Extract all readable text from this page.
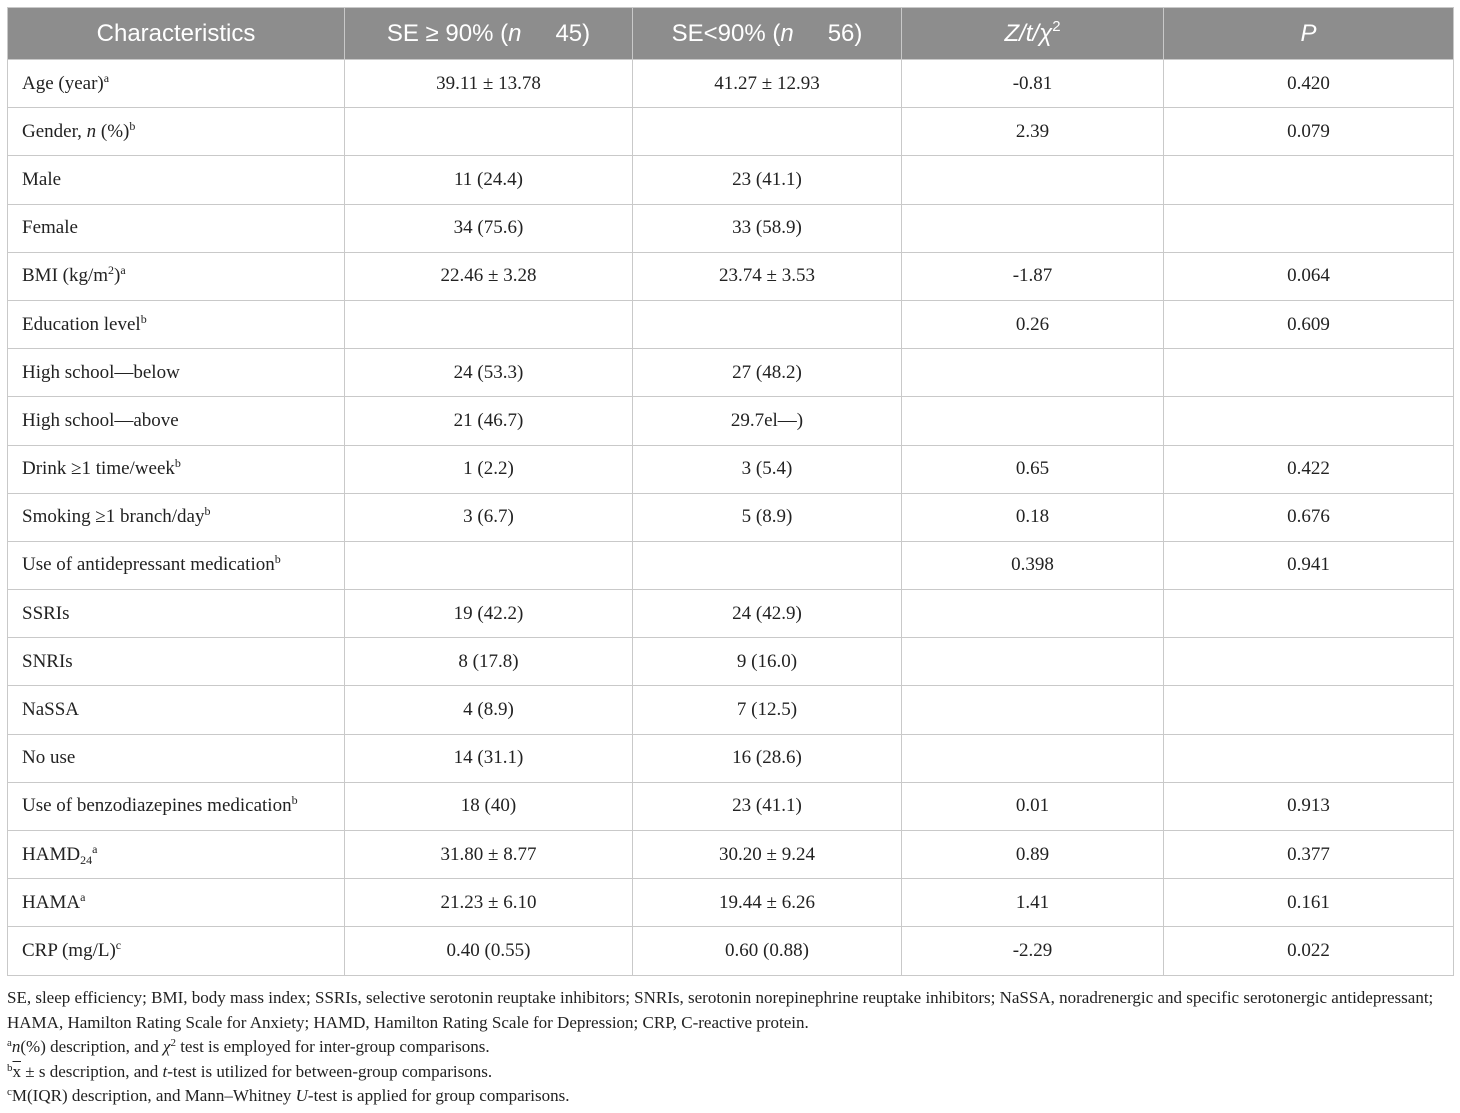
Characteristics	SE ≥ 90% (n 45)	SE<90% (n 56)	$Z/t/\chi^2$	P
Age (year)$^a$	39.11 ± 13.78	41.27 ± 12.93	-0.81	0.420
Gender, n (%)$^b$			2.39	0.079
Male	11 (24.4)	23 (41.1)		
Female	34 (75.6)	33 (58.9)		
BMI $(kg/m^2)^a$	22.46 ± 3.28	23.74 ± 3.53	-1.87	0.064
Education level$^b$			0.26	0.609
High school—below	24 (53.3)	27 (48.2)		
High school—above	21 (46.7)	29.7el—)		
Drink ≥1 time/week$^b$	1 (2.2)	3 (5.4)	0.65	0.422
Smoking ≥1 branch/day$^b$	3 (6.7)	5 (8.9)	0.18	0.676
Use of antidepressant medication$^b$			0.398	0.941
SSRIs	19 (42.2)	24 (42.9)		
SNRIs	8 (17.8)	9 (16.0)		
NaSSA	4 (8.9)	7 (12.5)		
No use	14 (31.1)	16 (28.6)		
Use of benzodiazepines medication$^b$	18 (40)	23 (41.1)	0.01	0.913
$HAMD_{24}^a$	31.80 ± 8.77	30.20 ± 9.24	0.89	0.377
HAMA$^a$	21.23 ± 6.10	19.44 ± 6.26	1.41	0.161
CRP $(mg/L)^c$	0.40 (0.55)	0.60 (0.88)	-2.29	0.022
SE, sleep efficiency; BMI, body mass index; SSRIs, selective serotonin reuptake inhibitors; SNRIs, serotonin norepinephrine reuptake inhibitors; NaSSA, noradrenergic and specific serotonergic antidepressant; HAMA, Hamilton Rating Scale for Anxiety; HAMD, Hamilton Rating Scale for Depression; CRP, C-reactive protein.
$^a$n(%) description, and $\chi^2$ test is employed for inter-group comparisons.
$^b\overline{x} \pm s$ description, and t-test is utilized for between-group comparisons.
$^c$M(IQR) description, and Mann–Whitney U-test is applied for group comparisons.
